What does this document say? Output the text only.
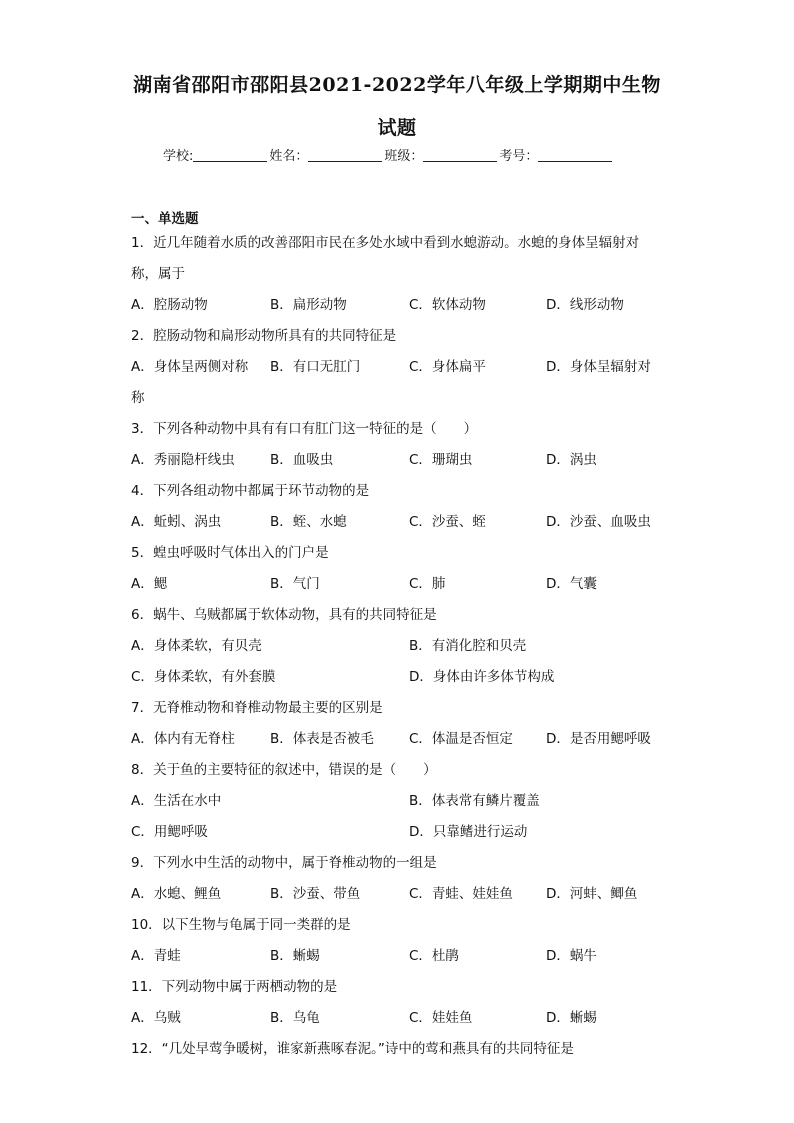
湖南省邵阳市邵阳县2021-2022学年八年级上学期期中生物
试题
学校:	姓名：	班级：	考号：
一、单选题
1．近几年随着水质的改善邵阳市民在多处水域中看到水螅游动。水螅的身体呈辐射对称，属于
A．腔肠动物	B．扁形动物	C．软体动物	D．线形动物
2．腔肠动物和扁形动物所具有的共同特征是
A．身体呈两侧对称 B．有口无肛门	C．身体扁平	D．身体呈辐射对
称
3．下列各种动物中具有有口有肛门这一特征的是（　　）
A．秀丽隐杆线虫	B．血吸虫	C．珊瑚虫	D．涡虫
4．下列各组动物中都属于环节动物的是
A．蚯蚓、涡虫	B．蛭、水螅	C．沙蚕、蛭	D．沙蚕、血吸虫
5．蝗虫呼吸时气体出入的门户是
A．鳃	B．气门	C．肺	D．气囊
6．蜗牛、乌贼都属于软体动物，具有的共同特征是
A．身体柔软，有贝壳	B．有消化腔和贝壳
C．身体柔软，有外套膜	D．身体由许多体节构成
7．无脊椎动物和脊椎动物最主要的区别是
A．体内有无脊柱	B．体表是否被毛	C．体温是否恒定 D．是否用鳃呼吸
8．关于鱼的主要特征的叙述中，错误的是（　　）
A．生活在水中	B．体表常有鳞片覆盖
C．用鳃呼吸	D．只靠鳍进行运动
9．下列水中生活的动物中，属于脊椎动物的一组是
A．水螅、鲤鱼	B．沙蚕、带鱼	C．青蛙、娃娃鱼 D．河蚌、鲫鱼
10．以下生物与龟属于同一类群的是
A．青蛙	B．蜥蜴	C．杜鹃	D．蜗牛
11．下列动物中属于两栖动物的是
A．乌贼	B．乌龟	C．娃娃鱼	D．蜥蜴
12．“几处早莺争暖树，谁家新燕啄春泥。”诗中的莺和燕具有的共同特征是
